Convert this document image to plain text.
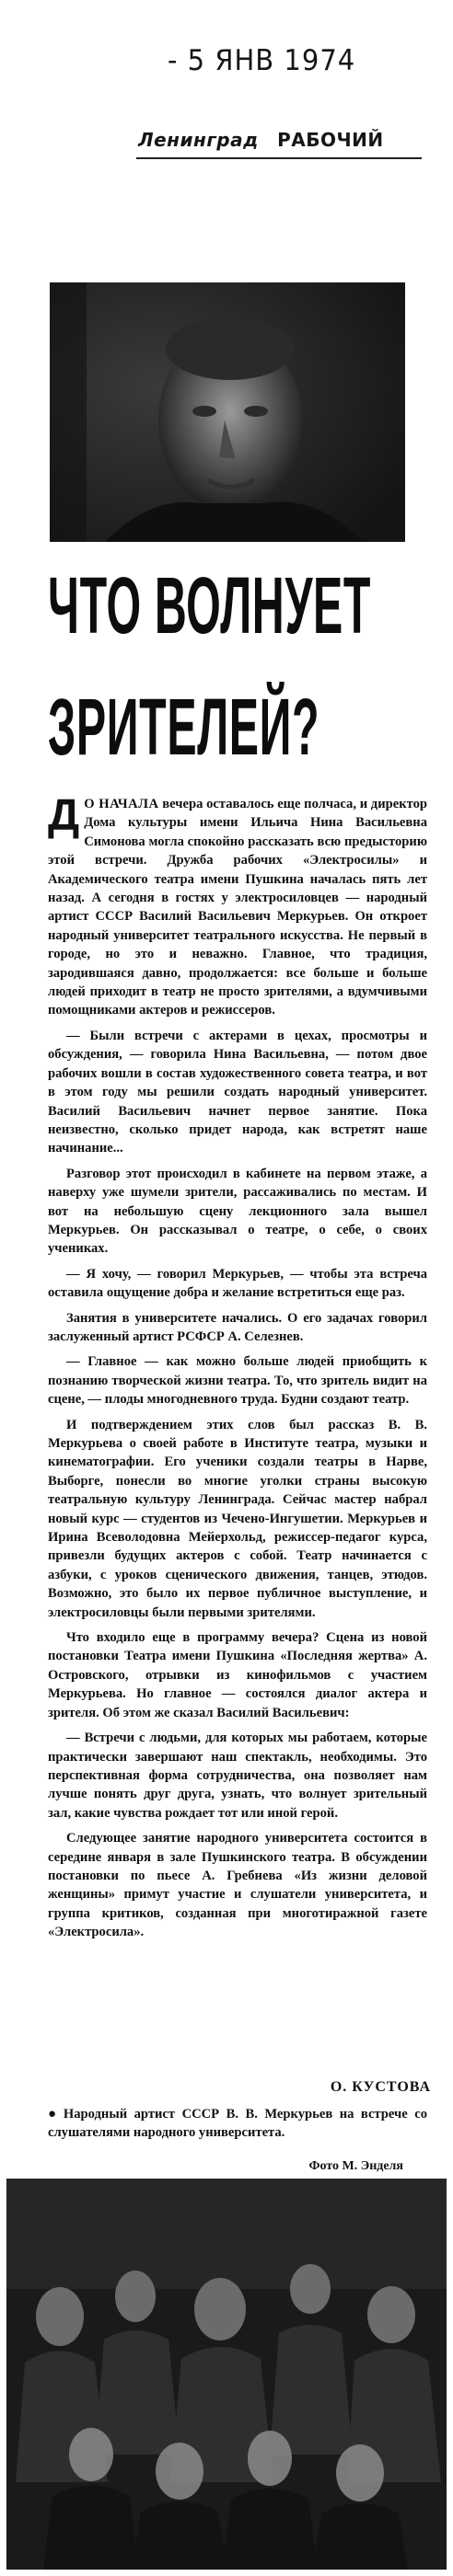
- 5 ЯНВ 1974
Ленинград РАБОЧИЙ
ЧТО ВОЛНУЕТ
ЗРИТЕЛЕЙ?

Д О НАЧАЛА вечера оставалось еще полчаса, и директор Дома культуры имени Ильича Нина Васильевна Симонова могла спокойно рассказать всю предысторию этой встречи. Дружба рабочих «Электросилы» и Академического театра имени Пушкина началась пять лет назад. А сегодня в гостях у электросиловцев — народный артист СССР Василий Васильевич Меркурьев. Он откроет народный университет театрального искусства. Не первый в городе, но это и неважно. Главное, что традиция, зародившаяся давно, продолжается: все больше и больше людей приходит в театр не просто зрителями, а вдумчивыми помощниками актеров и режиссеров.

— Были встречи с актерами в цехах, просмотры и обсуждения, — говорила Нина Васильевна, — потом двое рабочих вошли в состав художественного совета театра, и вот в этом году мы решили создать народный университет. Василий Васильевич начнет первое занятие. Пока неизвестно, сколько придет народа, как встретят наше начинание...

Разговор этот происходил в кабинете на первом этаже, а наверху уже шумели зрители, рассаживались по местам. И вот на небольшую сцену лекционного зала вышел Меркурьев. Он рассказывал о театре, о себе, о своих учениках.

— Я хочу, — говорил Меркурьев, — чтобы эта встреча оставила ощущение добра и желание встретиться еще раз.

Занятия в университете начались. О его задачах говорил заслуженный артист РСФСР А. Селезнев.

— Главное — как можно больше людей приобщить к познанию творческой жизни театра. То, что зритель видит на сцене, — плоды многодневного труда. Будни создают театр.

И подтверждением этих слов был рассказ В. В. Меркурьева о своей работе в Институте театра, музыки и кинематографии. Его ученики создали театры в Нарве, Выборге, понесли во многие уголки страны высокую театральную культуру Ленинграда. Сейчас мастер набрал новый курс — студентов из Чечено-Ингушетии. Меркурьев и Ирина Всеволодовна Мейерхольд, режиссер-педагог курса, привезли будущих актеров с собой. Театр начинается с азбуки, с уроков сценического движения, танцев, этюдов. Возможно, это было их первое публичное выступление, и электросиловцы были первыми зрителями.

Что входило еще в программу вечера? Сцена из новой постановки Театра имени Пушкина «Последняя жертва» А. Островского, отрывки из кинофильмов с участием Меркурьева. Но главное — состоялся диалог актера и зрителя. Об этом же сказал Василий Васильевич:

— Встречи с людьми, для которых мы работаем, которые практически завершают наш спектакль, необходимы. Это перспективная форма сотрудничества, она позволяет нам лучше понять друг друга, узнать, что волнует зрительный зал, какие чувства рождает тот или иной герой.

Следующее занятие народного университета состоится в середине января в зале Пушкинского театра. В обсуждении постановки по пьесе А. Гребнева «Из жизни деловой женщины» примут участие и слушатели университета, и группа критиков, созданная при многотиражной газете «Электросила».

О. КУСТОВА
● Народный артист СССР В. В. Меркурьев на встрече со слушателями народного университета.
Фото М. Энделя
